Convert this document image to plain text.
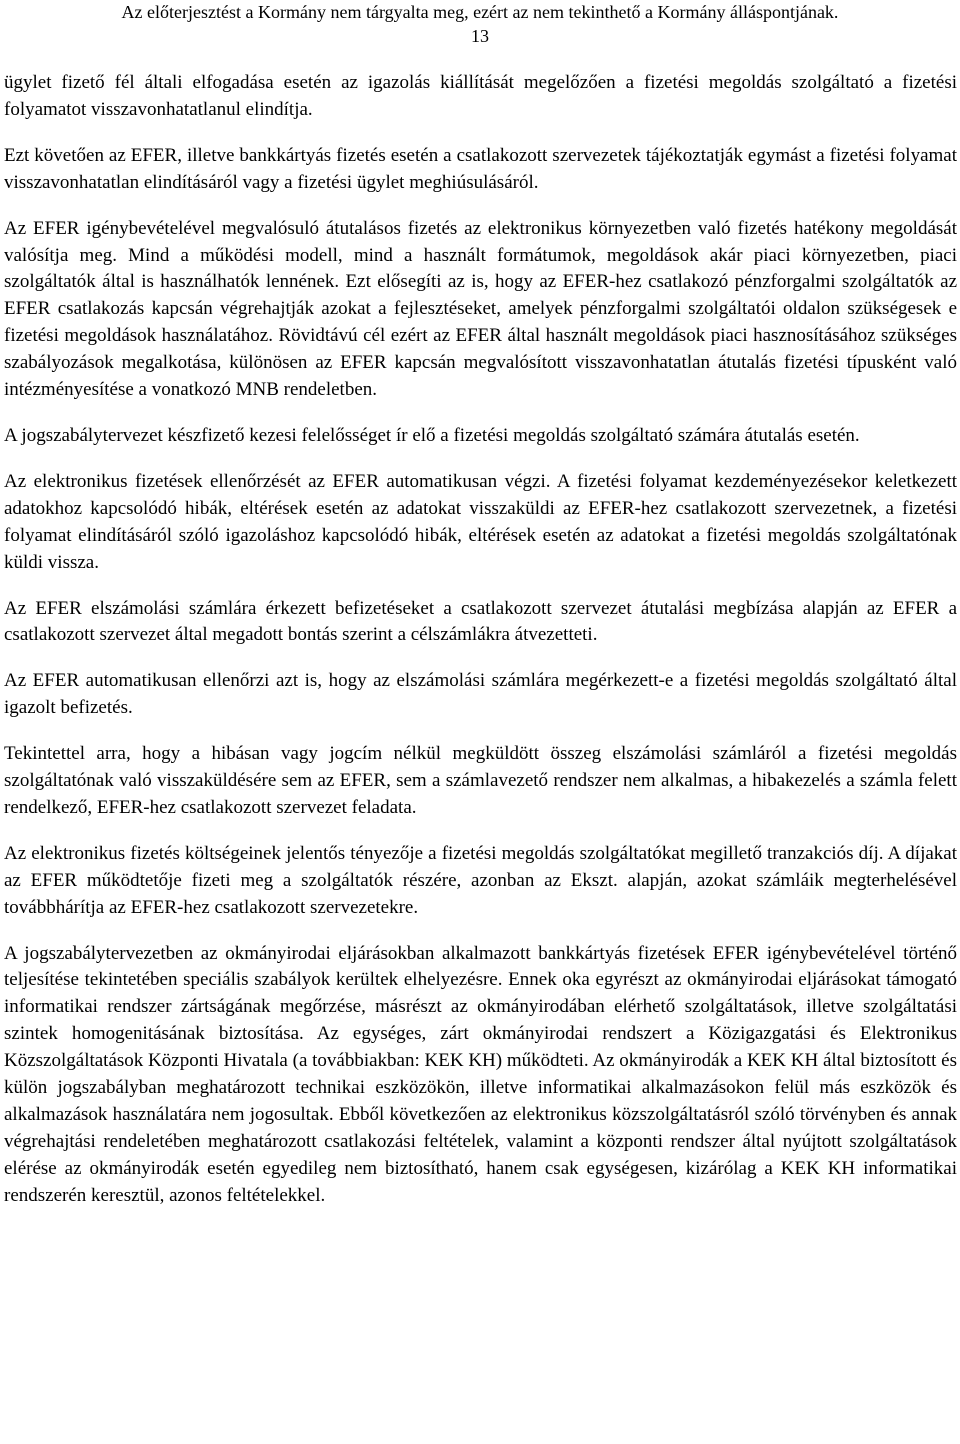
Az előterjesztést a Kormány nem tárgyalta meg, ezért az nem tekinthető a Kormány álláspontjának.
13

ügylet fizető fél általi elfogadása esetén az igazolás kiállítását megelőzően a fizetési megoldás szolgáltató a fizetési folyamatot visszavonhatatlanul elindítja.

Ezt követően az EFER, illetve bankkártyás fizetés esetén a csatlakozott szervezetek tájékoztatják egymást a fizetési folyamat visszavonhatatlan elindításáról vagy a fizetési ügylet meghiúsulásáról.

Az EFER igénybevételével megvalósuló átutalásos fizetés az elektronikus környezetben való fizetés hatékony megoldását valósítja meg. Mind a működési modell, mind a használt formátumok, megoldások akár piaci környezetben, piaci szolgáltatók által is használhatók lennének. Ezt elősegíti az is, hogy az EFER-hez csatlakozó pénzforgalmi szolgáltatók az EFER csatlakozás kapcsán végrehajtják azokat a fejlesztéseket, amelyek pénzforgalmi szolgáltatói oldalon szükségesek e fizetési megoldások használatához. Rövidtávú cél ezért az EFER által használt megoldások piaci hasznosításához szükséges szabályozások megalkotása, különösen az EFER kapcsán megvalósított visszavonhatatlan átutalás fizetési típusként való intézményesítése a vonatkozó MNB rendeletben.

A jogszabálytervezet készfizető kezesi felelősséget ír elő a fizetési megoldás szolgáltató számára átutalás esetén.

Az elektronikus fizetések ellenőrzését az EFER automatikusan végzi. A fizetési folyamat kezdeményezésekor keletkezett adatokhoz kapcsolódó hibák, eltérések esetén az adatokat visszaküldi az EFER-hez csatlakozott szervezetnek, a fizetési folyamat elindításáról szóló igazoláshoz kapcsolódó hibák, eltérések esetén az adatokat a fizetési megoldás szolgáltatónak küldi vissza.

Az EFER elszámolási számlára érkezett befizetéseket a csatlakozott szervezet átutalási megbízása alapján az EFER a csatlakozott szervezet által megadott bontás szerint a célszámlákra átvezetteti.

Az EFER automatikusan ellenőrzi azt is, hogy az elszámolási számlára megérkezett-e a fizetési megoldás szolgáltató által igazolt befizetés.

Tekintettel arra, hogy a hibásan vagy jogcím nélkül megküldött összeg elszámolási számláról a fizetési megoldás szolgáltatónak való visszaküldésére sem az EFER, sem a számlavezető rendszer nem alkalmas, a hibakezelés a számla felett rendelkező, EFER-hez csatlakozott szervezet feladata.

Az elektronikus fizetés költségeinek jelentős tényezője a fizetési megoldás szolgáltatókat megillető tranzakciós díj. A díjakat az EFER működtetője fizeti meg a szolgáltatók részére, azonban az Ekszt. alapján, azokat számláik megterhelésével továbbhárítja az EFER-hez csatlakozott szervezetekre.

A jogszabálytervezetben az okmányirodai eljárásokban alkalmazott bankkártyás fizetések EFER igénybevételével történő teljesítése tekintetében speciális szabályok kerültek elhelyezésre. Ennek oka egyrészt az okmányirodai eljárásokat támogató informatikai rendszer zártságának megőrzése, másrészt az okmányirodában elérhető szolgáltatások, illetve szolgáltatási szintek homogenitásának biztosítása. Az egységes, zárt okmányirodai rendszert a Közigazgatási és Elektronikus Közszolgáltatások Központi Hivatala (a továbbiakban: KEK KH) működteti. Az okmányirodák a KEK KH által biztosított és külön jogszabályban meghatározott technikai eszközökön, illetve informatikai alkalmazásokon felül más eszközök és alkalmazások használatára nem jogosultak. Ebből következően az elektronikus közszolgáltatásról szóló törvényben és annak végrehajtási rendeletében meghatározott csatlakozási feltételek, valamint a központi rendszer által nyújtott szolgáltatások elérése az okmányirodák esetén egyedileg nem biztosítható, hanem csak egységesen, kizárólag a KEK KH informatikai rendszerén keresztül, azonos feltételekkel.
